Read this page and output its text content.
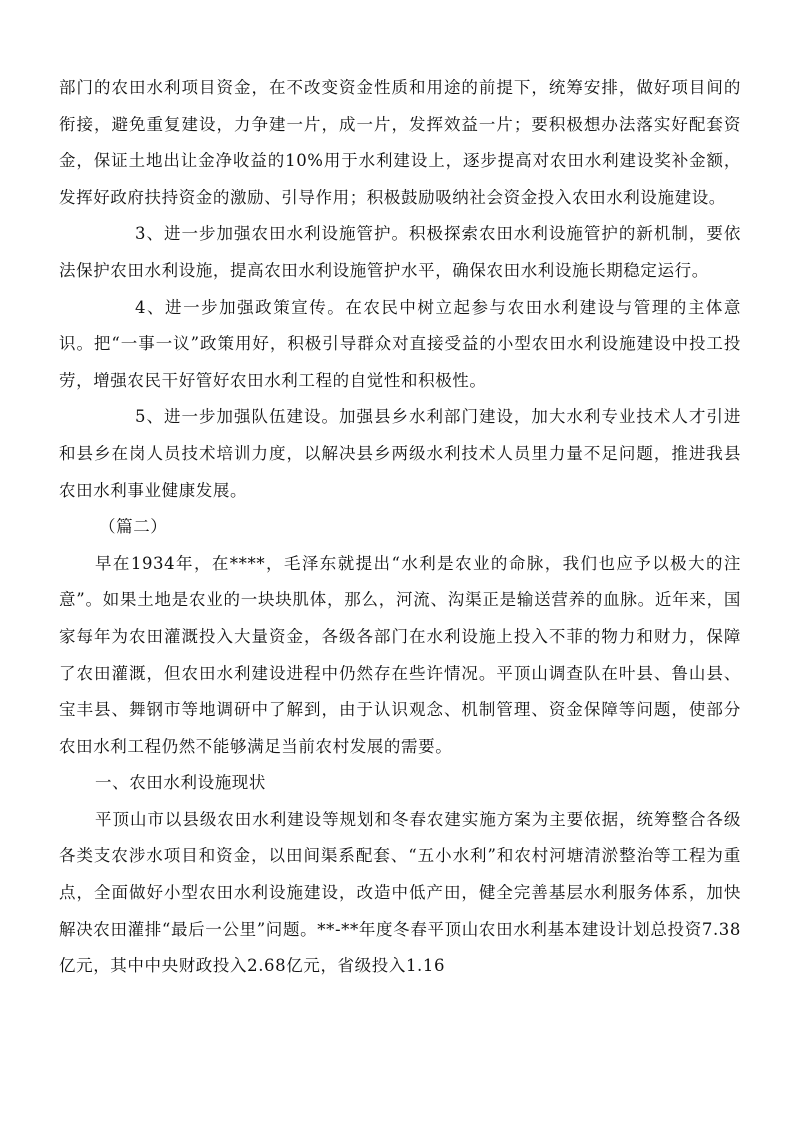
部门的农田水利项目资金，在不改变资金性质和用途的前提下，统筹安排，做好项目间的衔接，避免重复建设，力争建一片，成一片，发挥效益一片；要积极想办法落实好配套资金，保证土地出让金净收益的10%用于水利建设上，逐步提高对农田水利建设奖补金额，发挥好政府扶持资金的激励、引导作用；积极鼓励吸纳社会资金投入农田水利设施建设。

3、进一步加强农田水利设施管护。积极探索农田水利设施管护的新机制，要依法保护农田水利设施，提高农田水利设施管护水平，确保农田水利设施长期稳定运行。

4、进一步加强政策宣传。在农民中树立起参与农田水利建设与管理的主体意识。把“一事一议”政策用好，积极引导群众对直接受益的小型农田水利设施建设中投工投劳，增强农民干好管好农田水利工程的自觉性和积极性。

5、进一步加强队伍建设。加强县乡水利部门建设，加大水利专业技术人才引进和县乡在岗人员技术培训力度，以解决县乡两级水利技术人员里力量不足问题，推进我县农田水利事业健康发展。

（篇二）

早在1934年，在****，毛泽东就提出“水利是农业的命脉，我们也应予以极大的注意”。如果土地是农业的一块块肌体，那么，河流、沟渠正是输送营养的血脉。近年来，国家每年为农田灌溉投入大量资金，各级各部门在水利设施上投入不菲的物力和财力，保障了农田灌溉，但农田水利建设进程中仍然存在些许情况。平顶山调查队在叶县、鲁山县、宝丰县、舞钢市等地调研中了解到，由于认识观念、机制管理、资金保障等问题，使部分农田水利工程仍然不能够满足当前农村发展的需要。

一、农田水利设施现状

平顶山市以县级农田水利建设等规划和冬春农建实施方案为主要依据，统筹整合各级各类支农涉水项目和资金，以田间渠系配套、“五小水利”和农村河塘清淤整治等工程为重点，全面做好小型农田水利设施建设，改造中低产田，健全完善基层水利服务体系，加快解决农田灌排“最后一公里”问题。**-**年度冬春平顶山农田水利基本建设计划总投资7.38亿元，其中中央财政投入2.68亿元，省级投入1.16
